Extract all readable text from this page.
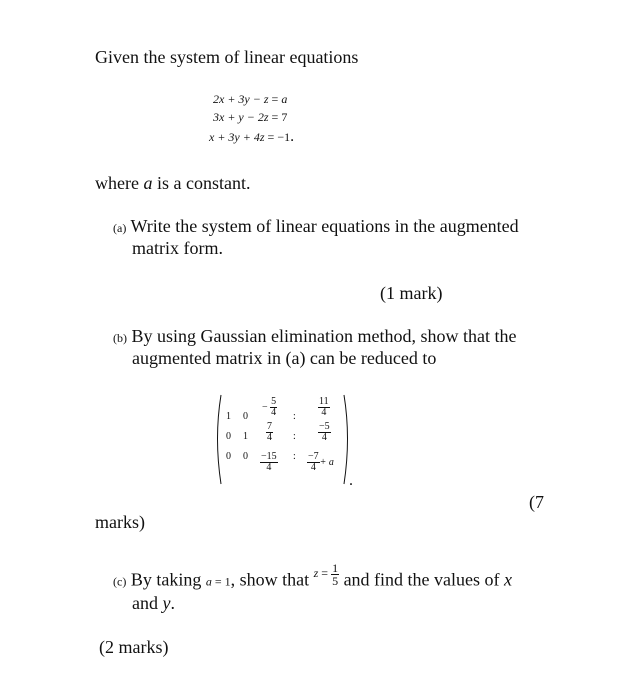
Given the system of linear equations
2x + 3y − z = a
3x + y − 2z = 7
x + 3y + 4z = −1.
where a is a constant.
(a) Write the system of linear equations in the augmented
matrix form.
(1 mark)
(b) By using Gaussian elimination method, show that the
augmented matrix in (a) can be reduced to
.
1 0
− $\frac{5}{4}$ : $\frac{11}{4}$
0 $1 \frac{7}{4}$ : $\frac{-5}{4}$
0 $0 \frac{-15}{4}$ : $\frac{-7}{4} + a$
(7
marks)
(c) By taking a = 1, show that $^{z =} \frac{1}{5}$ and find the values of x
and y.
(2 marks)
